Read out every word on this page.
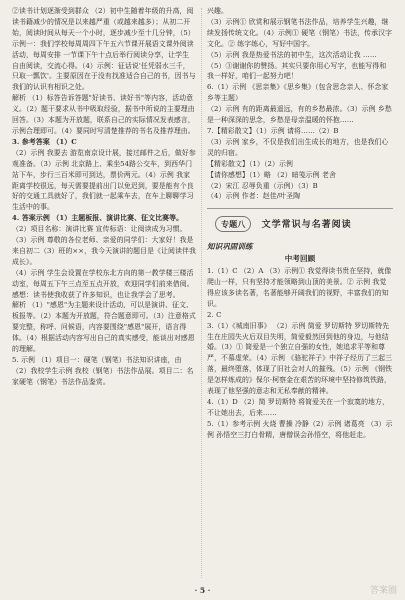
②读书计划逐渐受到群众 （2）初中生随着年级的升高，阅读书籍减少的情况是以来越严重（或越来越多）；从初二开始，阅读时间从每天一个小时，逐步减少至十几分钟，（5）示例一：我们学校每周周四下午五六节课开展语文课外阅读活动，每周安排 一节课下午十点后举行阅读分享，让学生自由阅读，交流心得。（4）示例：征话说'任凭弱水三千，只取一瓢饮'。主要原因在于没有找准适合自己的书，因书与我们的认识有相识之处。

解析 （1）标答告诉答题"好读书、读好书"等内容，活动意义。（2）题干要求从书中吸取经验，据书中所说的主要理由回答。（3）本题为开放题，联系自己的实际情况发表感言，示例合理即可。（4）要同时写清楚推荐的书名及推荐理由。

3. 参考答案 （1）C

（2）示例 我要去 游览南京设计展，接过邮件之后，做好参观准备。（3）示例 北京路上、乘坐54路公交车，到西华门站下车，步行三百米即可到达，票价两元。（4）示例 我家距离学校很远，每天需要提前出门以免迟到，要是能有个良好的交通工具就好了，我们就一起乘车去，在车上聊聊学习生活中的事。

4. 答案示例 （1）主题板报、演讲比赛、征文比赛等。

（2）项目名称：演讲比赛 宣传标语：让阅读成为习惯。（3）示例 尊敬的各位老师、亲爱的同学们：大家好！我是来自初二（3）班的××，我今天演讲的题目是《让阅读伴我成长》。

（4）示例 学生会设置在学校东北方向的第一教学楼三楼活动室，每周五下午三点至五点开放，欢迎同学们前来借阅。

感想：读书使我收获了许多知识，也让我学会了思考。

解析 （1）"感恩"为主题来设计活动，可以是演讲、征文、板报等。（2）本题为开放题，符合题意即可。（3）注意格式要完整，称呼、问候语，内容要围绕"感恩"展开，语言得体。（4）根据活动内容写出自己的真实感受，能谈出对感恩的理解。

5. 示例 （1）项目一：硬笔（钢笔）书法知识讲座，由（2）我校学生示例 我校（钢笔）书法作品展。项目二：名家硬笔（钢笔）书法作品鉴赏。

兴趣。

（3）示例① 欣赏和展示钢笔书法作品，培养学生兴趣，继续发扬传统文化。（4）示例① 硬笔（钢笔）书法，传承汉字文化。② 练字练心，写好中国字。

（5）示例 我是热爱书法的初中生，这次活动让我 ……

（5）③谢谢你的赞扬。其实只要你用心写字，也能写得和我一样好，咱们一起努力吧！

6.（1）示例 《思亲集》《思乡集》（包含思念亲人、怀念家乡等主题）

（2）示例 有的距离最遥远，有的乡愁最浓。（3）示例 乡愁是一种深深的思念，乡愁是母亲温暖的怀抱……

7.【精彩散文】（1）示例 请将……（2）B

（3）示例 家乡，不仅是我们出生成长的地方，也是我们心灵的归宿。

【精彩散文】（1）（2）示例

【请你感想】（1）略 （2）暗笺示例 老舍

（2）宋江 忍辱负重（示例）（3）B

（4）示例 作者：赵佳/叶圣陶

专题八 文学常识与名著阅读
知识巩固训练
中考回顾

1.（1）C （2）A （3）示例① 我觉得读书贵在坚持，就像爬山一样，只有坚持才能领略到山顶的美景。② 示例 我觉得应该多读名著，名著能够开阔我们的视野，丰富我们的知识。

2. C

3.（1）《城南旧事》 （2）示例 简爱 罗切斯特 罗切斯特先生在庄园失火后双目失明，简爱毅然回到他的身边，与他结婚。（3）① 简爱是一个独立自强的女性，她追求平等和尊严，不慕虚荣。（4）示例 《骆驼祥子》中祥子经历了三起三落，最终堕落，体现了旧社会对人的摧残。（5）示例 《钢铁是怎样炼成的》保尔·柯察金在艰苦的环境中坚持修筑铁路，表现了他坚强的意志和无私奉献的精神。

4.（1）D （2）简 罗切斯特 将简爱关在一个寂寞的地方，不让她出去，后来……

5.（1）参考示例 火烧 曹操 冷静（2）示例 诸葛亮 （3）示例 孙悟空三打白骨精，唐僧误会孙悟空，将他赶走。

· 5 ·	答案圈
